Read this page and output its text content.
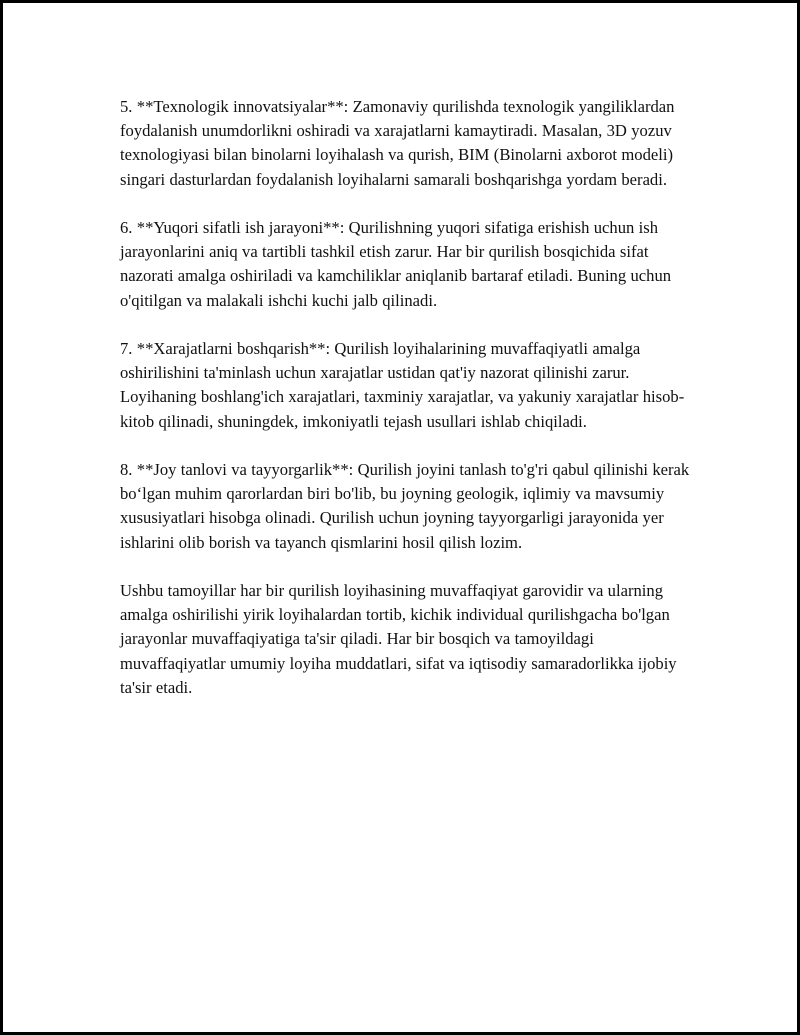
5. **Texnologik innovatsiyalar**: Zamonaviy qurilishda texnologik yangiliklardan foydalanish unumdorlikni oshiradi va xarajatlarni kamaytiradi. Masalan, 3D yozuv texnologiyasi bilan binolarni loyihalash va qurish, BIM (Binolarni axborot modeli) singari dasturlardan foydalanish loyihalarni samarali boshqarishga yordam beradi.

6. **Yuqori sifatli ish jarayoni**: Qurilishning yuqori sifatiga erishish uchun ish jarayonlarini aniq va tartibli tashkil etish zarur. Har bir qurilish bosqichida sifat nazorati amalga oshiriladi va kamchiliklar aniqlanib bartaraf etiladi. Buning uchun o'qitilgan va malakali ishchi kuchi jalb qilinadi.

7. **Xarajatlarni boshqarish**: Qurilish loyihalarining muvaffaqiyatli amalga oshirilishini ta'minlash uchun xarajatlar ustidan qat'iy nazorat qilinishi zarur. Loyihaning boshlang'ich xarajatlari, taxminiy xarajatlar, va yakuniy xarajatlar hisob-kitob qilinadi, shuningdek, imkoniyatli tejash usullari ishlab chiqiladi.

8. **Joy tanlovi va tayyorgarlik**: Qurilish joyini tanlash to'g'ri qabul qilinishi kerak bo‘lgan muhim qarorlardan biri bo'lib, bu joyning geologik, iqlimiy va mavsumiy xususiyatlari hisobga olinadi. Qurilish uchun joyning tayyorgarligi jarayonida yer ishlarini olib borish va tayanch qismlarini hosil qilish lozim.

Ushbu tamoyillar har bir qurilish loyihasining muvaffaqiyat garovidir va ularning amalga oshirilishi yirik loyihalardan tortib, kichik individual qurilishgacha bo'lgan jarayonlar muvaffaqiyatiga ta'sir qiladi. Har bir bosqich va tamoyildagi muvaffaqiyatlar umumiy loyiha muddatlari, sifat va iqtisodiy samaradorlikka ijobiy ta'sir etadi.
